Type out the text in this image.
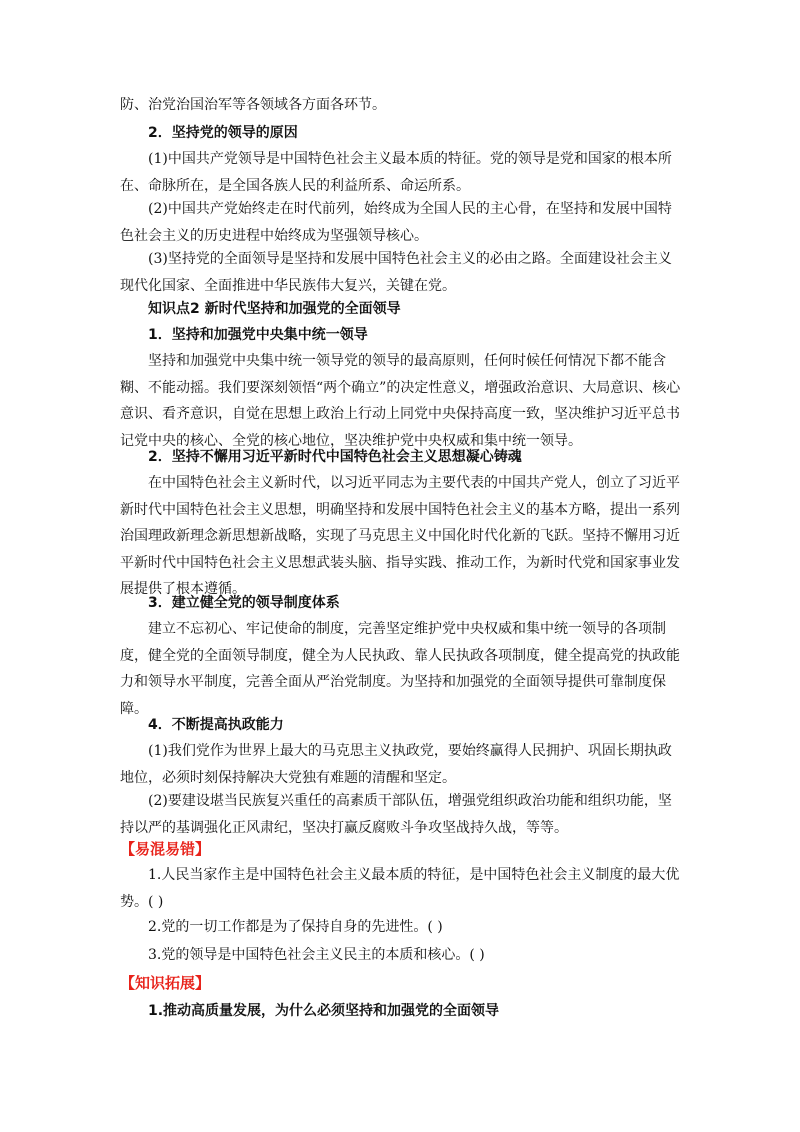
防、治党治国治军等各领域各方面各环节。
2．坚持党的领导的原因
(1)中国共产党领导是中国特色社会主义最本质的特征。党的领导是党和国家的根本所在、命脉所在，是全国各族人民的利益所系、命运所系。
(2)中国共产党始终走在时代前列，始终成为全国人民的主心骨，在坚持和发展中国特色社会主义的历史进程中始终成为坚强领导核心。
(3)坚持党的全面领导是坚持和发展中国特色社会主义的必由之路。全面建设社会主义现代化国家、全面推进中华民族伟大复兴，关键在党。
知识点2 新时代坚持和加强党的全面领导
1．坚持和加强党中央集中统一领导
坚持和加强党中央集中统一领导党的领导的最高原则，任何时候任何情况下都不能含糊、不能动摇。我们要深刻领悟“两个确立”的决定性意义，增强政治意识、大局意识、核心意识、看齐意识，自觉在思想上政治上行动上同党中央保持高度一致，坚决维护习近平总书记党中央的核心、全党的核心地位，坚决维护党中央权威和集中统一领导。
2．坚持不懈用习近平新时代中国特色社会主义思想凝心铸魂
在中国特色社会主义新时代，以习近平同志为主要代表的中国共产党人，创立了习近平新时代中国特色社会主义思想，明确坚持和发展中国特色社会主义的基本方略，提出一系列治国理政新理念新思想新战略，实现了马克思主义中国化时代化新的飞跃。坚持不懈用习近平新时代中国特色社会主义思想武装头脑、指导实践、推动工作，为新时代党和国家事业发展提供了根本遵循。
3．建立健全党的领导制度体系
建立不忘初心、牢记使命的制度，完善坚定维护党中央权威和集中统一领导的各项制度，健全党的全面领导制度，健全为人民执政、靠人民执政各项制度，健全提高党的执政能力和领导水平制度，完善全面从严治党制度。为坚持和加强党的全面领导提供可靠制度保障。
4．不断提高执政能力
(1)我们党作为世界上最大的马克思主义执政党，要始终赢得人民拥护、巩固长期执政地位，必须时刻保持解决大党独有难题的清醒和坚定。
(2)要建设堪当民族复兴重任的高素质干部队伍，增强党组织政治功能和组织功能，坚持以严的基调强化正风肃纪，坚决打赢反腐败斗争攻坚战持久战，等等。
【易混易错】
1.人民当家作主是中国特色社会主义最本质的特征，是中国特色社会主义制度的最大优势。( )
2.党的一切工作都是为了保持自身的先进性。( )
3.党的领导是中国特色社会主义民主的本质和核心。( )
【知识拓展】
1.推动高质量发展，为什么必须坚持和加强党的全面领导
